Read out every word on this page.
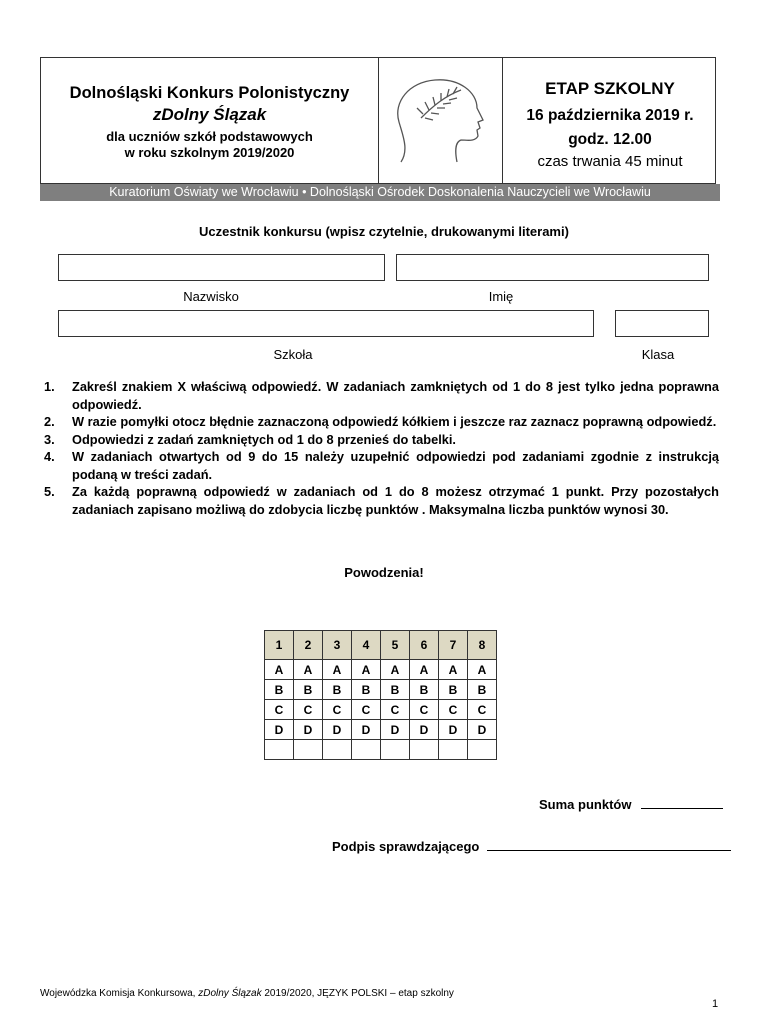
Dolnośląski Konkurs Polonistyczny
zDolny Ślązak
dla uczniów szkół podstawowych
w roku szkolnym 2019/2020
ETAP SZKOLNY
16 października 2019 r.
godz. 12.00
czas trwania 45 minut
Kuratorium Oświaty we Wrocławiu • Dolnośląski Ośrodek Doskonalenia Nauczycieli we Wrocławiu
Uczestnik konkursu (wpisz czytelnie, drukowanymi literami)
Nazwisko	Imię
Szkoła	Klasa
1. Zakreśl znakiem X właściwą odpowiedź. W zadaniach zamkniętych od 1 do 8 jest tylko jedna poprawna odpowiedź.
2. W razie pomyłki otocz błędnie zaznaczoną odpowiedź kółkiem i jeszcze raz zaznacz poprawną odpowiedź.
3. Odpowiedzi z zadań zamkniętych od 1 do 8 przenieś do tabelki.
4. W zadaniach otwartych od 9 do 15 należy uzupełnić odpowiedzi pod zadaniami zgodnie z instrukcją podaną w treści zadań.
5. Za każdą poprawną odpowiedź w zadaniach od 1 do 8 możesz otrzymać 1 punkt. Przy pozostałych zadaniach zapisano możliwą do zdobycia liczbę punktów . Maksymalna liczba punktów wynosi 30.
Powodzenia!
1	2	3	4	5	6	7	8
A	A	A	A	A	A	A	A
B	B	B	B	B	B	B	B
C	C	C	C	C	C	C	C
D	D	D	D	D	D	D	D

Suma punktów
Podpis sprawdzającego
Wojewódzka Komisja Konkursowa, zDolny Ślązak 2019/2020, JĘZYK POLSKI – etap szkolny
1
